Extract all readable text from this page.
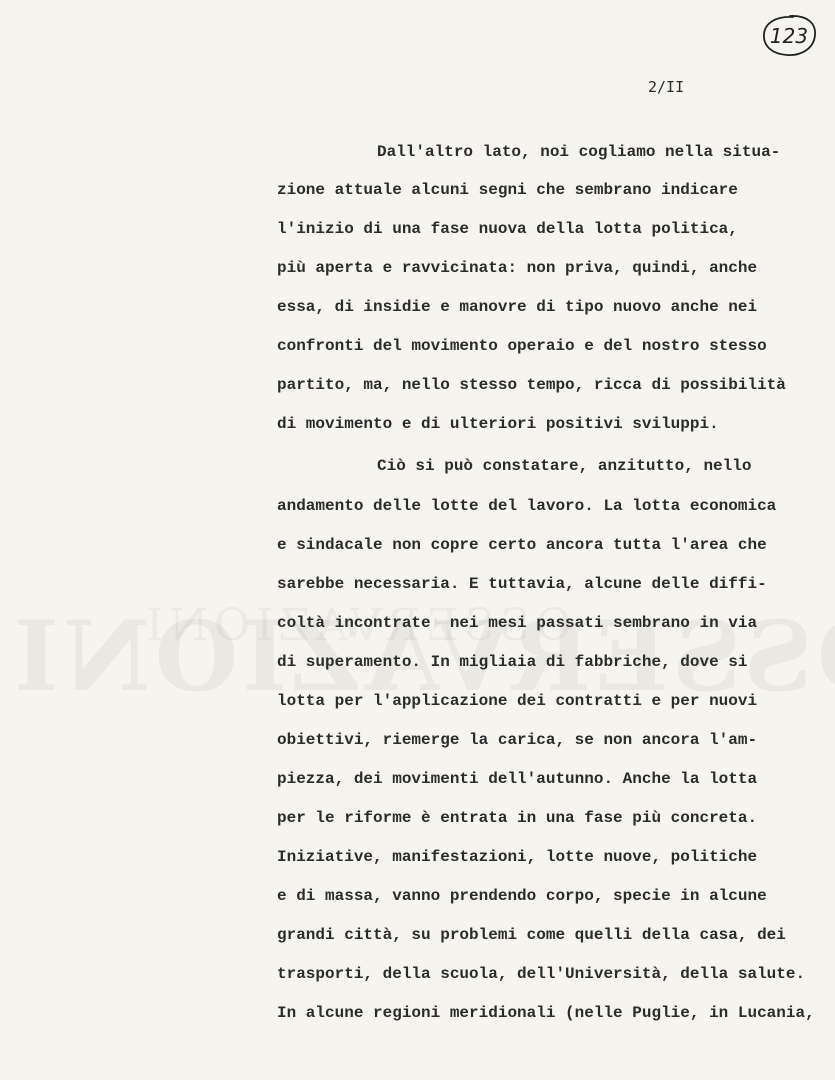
123
2/II
Dall'altro lato, noi cogliamo nella situa-
zione attuale alcuni segni che sembrano indicare
l'inizio di una fase nuova della lotta politica,
più aperta e ravvicinata: non priva, quindi, anche
essa, di insidie e manovre di tipo nuovo anche nei
confronti del movimento operaio e del nostro stesso
partito, ma, nello stesso tempo, ricca di possibilità
di movimento e di ulteriori positivi sviluppi.
Ciò si può constatare, anzitutto, nello
andamento delle lotte del lavoro. La lotta economica
e sindacale non copre certo ancora tutta l'area che
sarebbe necessaria. E tuttavia, alcune delle diffi-
coltà incontrate  nei mesi passati sembrano in via
di superamento. In migliaia di fabbriche, dove si
lotta per l'applicazione dei contratti e per nuovi
obiettivi, riemerge la carica, se non ancora l'am-
piezza, dei movimenti dell'autunno. Anche la lotta
per le riforme è entrata in una fase più concreta.
Iniziative, manifestazioni, lotte nuove, politiche
e di massa, vanno prendendo corpo, specie in alcune
grandi città, su problemi come quelli della casa, dei
trasporti, della scuola, dell'Università, della salute.
In alcune regioni meridionali (nelle Puglie, in Lucania,
